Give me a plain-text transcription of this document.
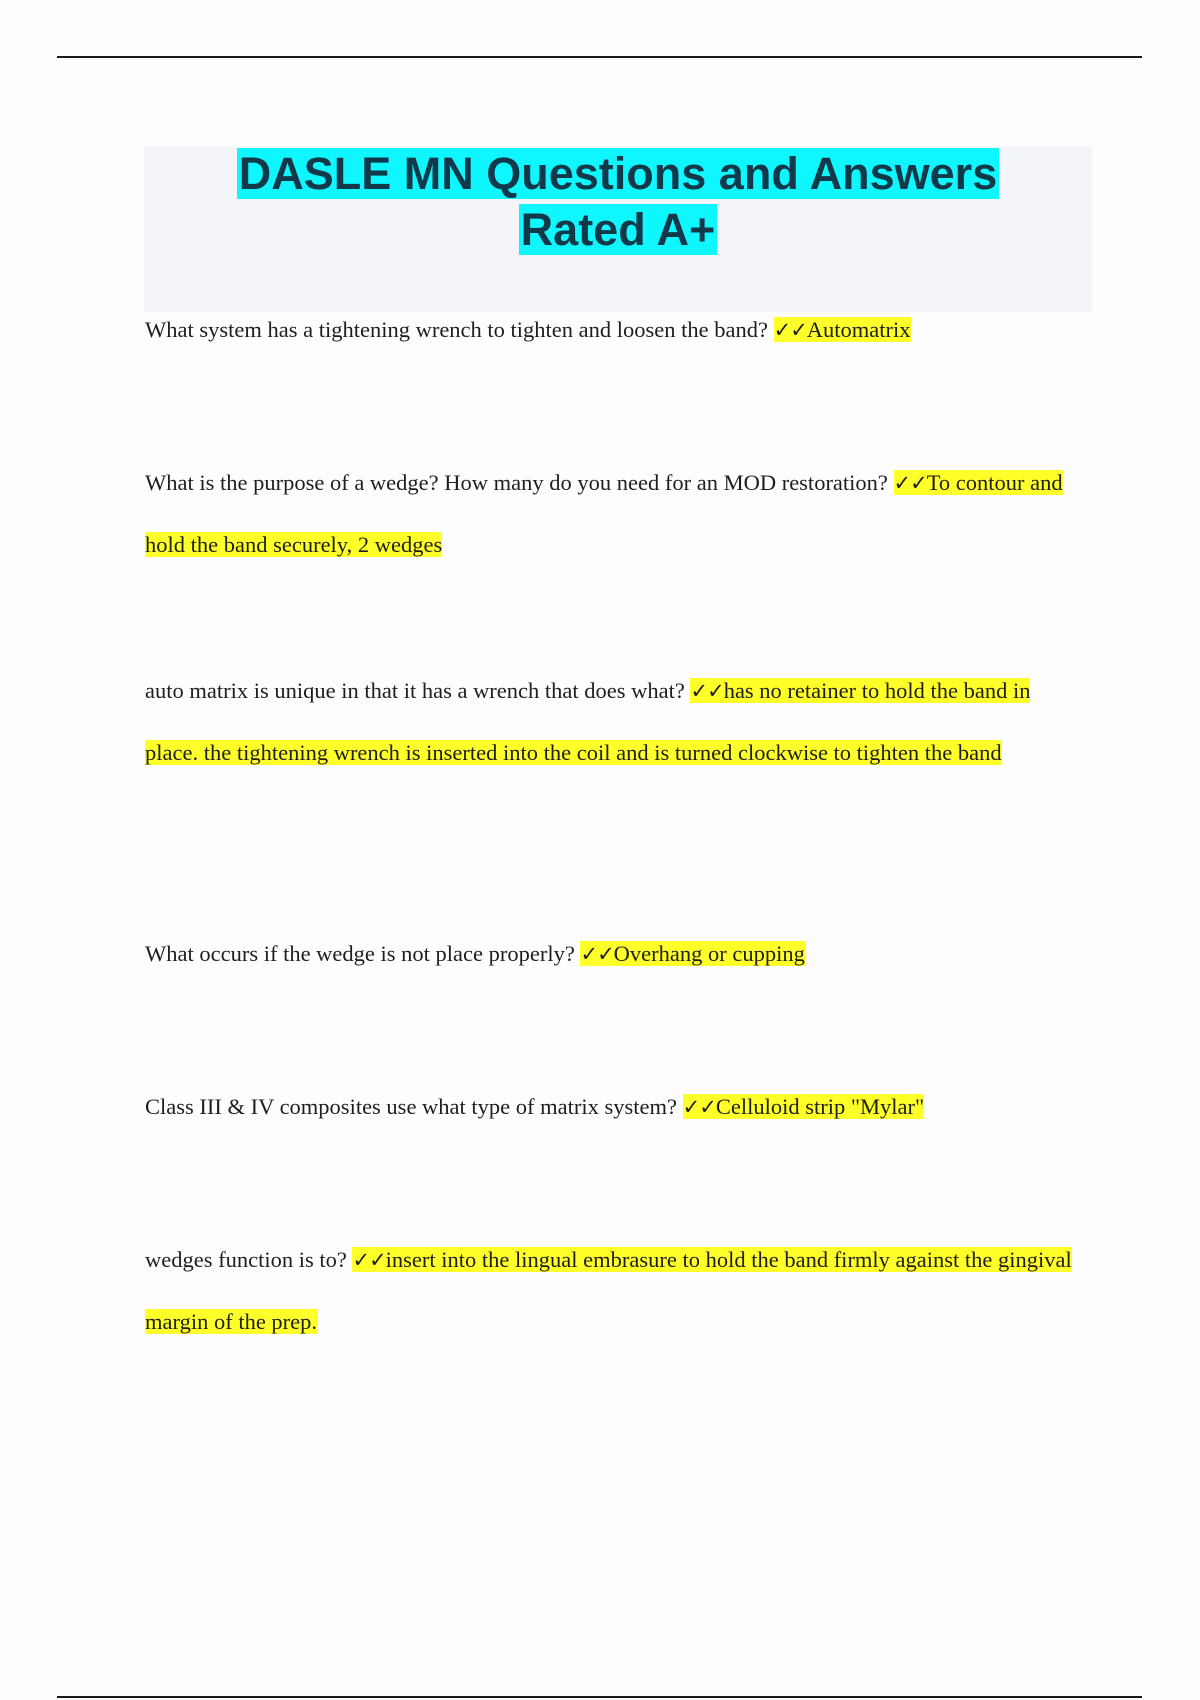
DASLE MN Questions and Answers
Rated A+

What system has a tightening wrench to tighten and loosen the band? ✓✓Automatrix

What is the purpose of a wedge? How many do you need for an MOD restoration? ✓✓To contour and hold the band securely, 2 wedges

auto matrix is unique in that it has a wrench that does what? ✓✓has no retainer to hold the band in place. the tightening wrench is inserted into the coil and is turned clockwise to tighten the band

What occurs if the wedge is not place properly? ✓✓Overhang or cupping

Class III & IV composites use what type of matrix system? ✓✓Celluloid strip "Mylar"

wedges function is to? ✓✓insert into the lingual embrasure to hold the band firmly against the gingival margin of the prep.
